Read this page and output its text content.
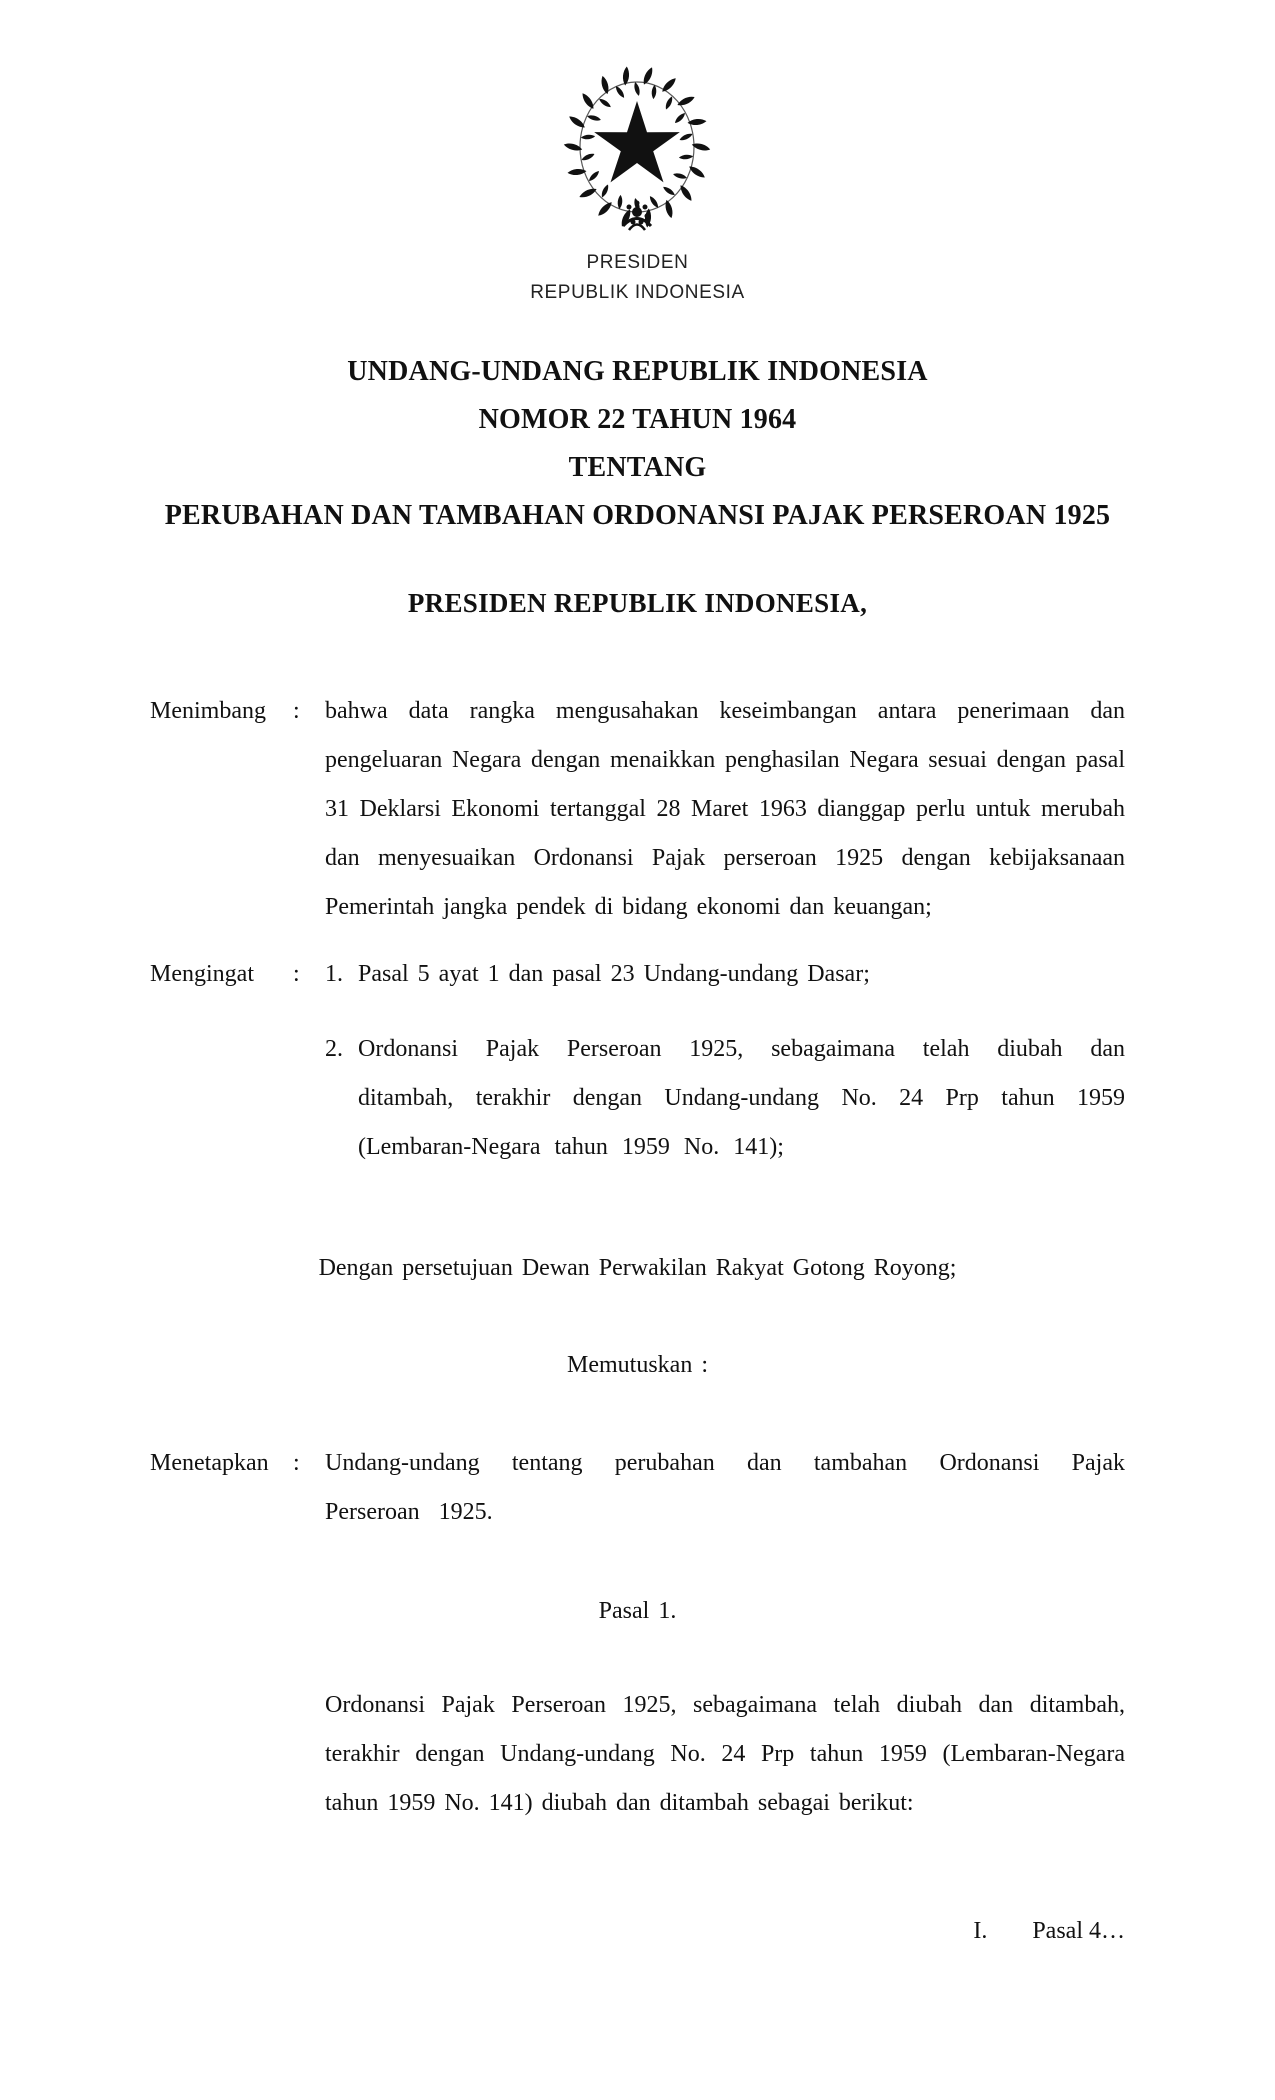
PRESIDEN
REPUBLIK INDONESIA
UNDANG-UNDANG REPUBLIK INDONESIA
NOMOR 22 TAHUN 1964
TENTANG
PERUBAHAN DAN TAMBAHAN ORDONANSI PAJAK PERSEROAN 1925
PRESIDEN REPUBLIK INDONESIA,
Menimbang	:	bahwa data rangka mengusahakan keseimbangan antara penerimaan dan pengeluaran Negara dengan menaikkan penghasilan Negara sesuai dengan pasal 31 Deklarsi Ekonomi tertanggal 28 Maret 1963 dianggap perlu untuk merubah dan menyesuaikan Ordonansi Pajak perseroan 1925 dengan kebijaksanaan Pemerintah jangka pendek di bidang ekonomi dan keuangan;
Mengingat	:	1. Pasal 5 ayat 1 dan pasal 23 Undang-undang Dasar;
2. Ordonansi Pajak Perseroan 1925, sebagaimana telah diubah dan ditambah, terakhir dengan Undang-undang No. 24 Prp tahun 1959 (Lembaran-Negara tahun 1959 No. 141);
Dengan persetujuan Dewan Perwakilan Rakyat Gotong Royong;
Memutuskan :
Menetapkan	:	Undang-undang tentang perubahan dan tambahan Ordonansi Pajak Perseroan 1925.
Pasal 1.
Ordonansi Pajak Perseroan 1925, sebagaimana telah diubah dan ditambah, terakhir dengan Undang-undang No. 24 Prp tahun 1959 (Lembaran-Negara tahun 1959 No. 141) diubah dan ditambah sebagai berikut:
I. Pasal 4…
